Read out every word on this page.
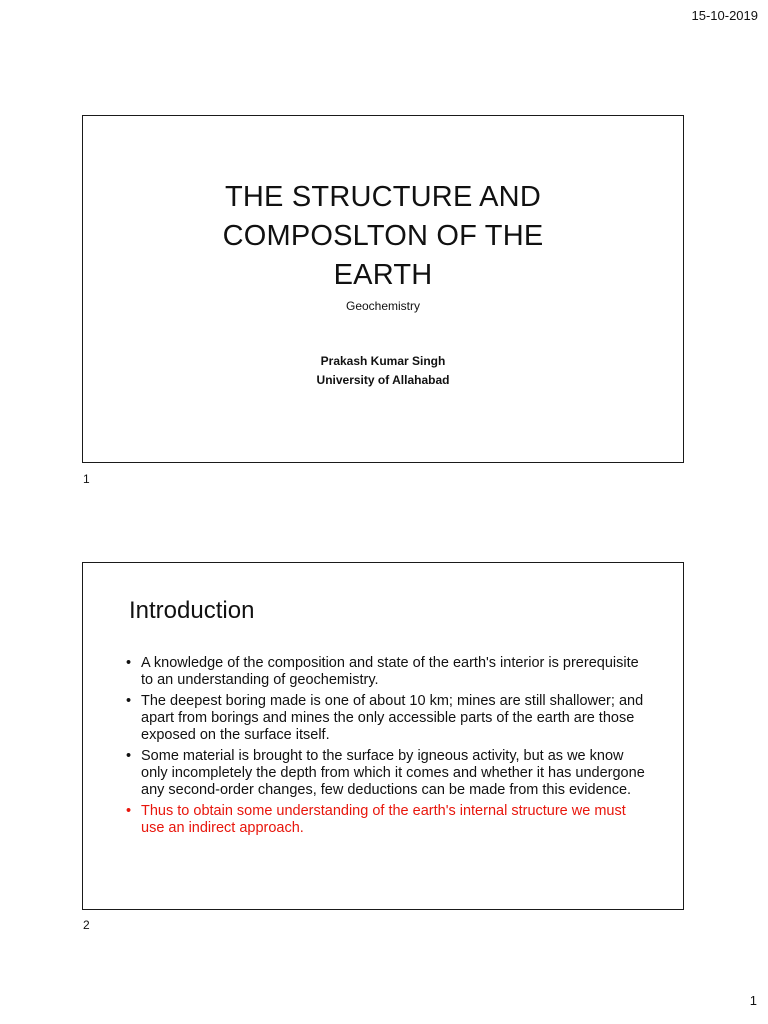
15-10-2019
THE STRUCTURE AND
COMPOSLTON OF THE
EARTH
Geochemistry
Prakash Kumar Singh
University of Allahabad
1
Introduction
• A knowledge of the composition and state of the earth's interior is prerequisite to an understanding of geochemistry.
• The deepest boring made is one of about 10 km; mines are still shallower; and apart from borings and mines the only accessible parts of the earth are those exposed on the surface itself.
• Some material is brought to the surface by igneous activity, but as we know only incompletely the depth from which it comes and whether it has undergone any second-order changes, few deductions can be made from this evidence.
• Thus to obtain some understanding of the earth's internal structure we must use an indirect approach.
2
1
